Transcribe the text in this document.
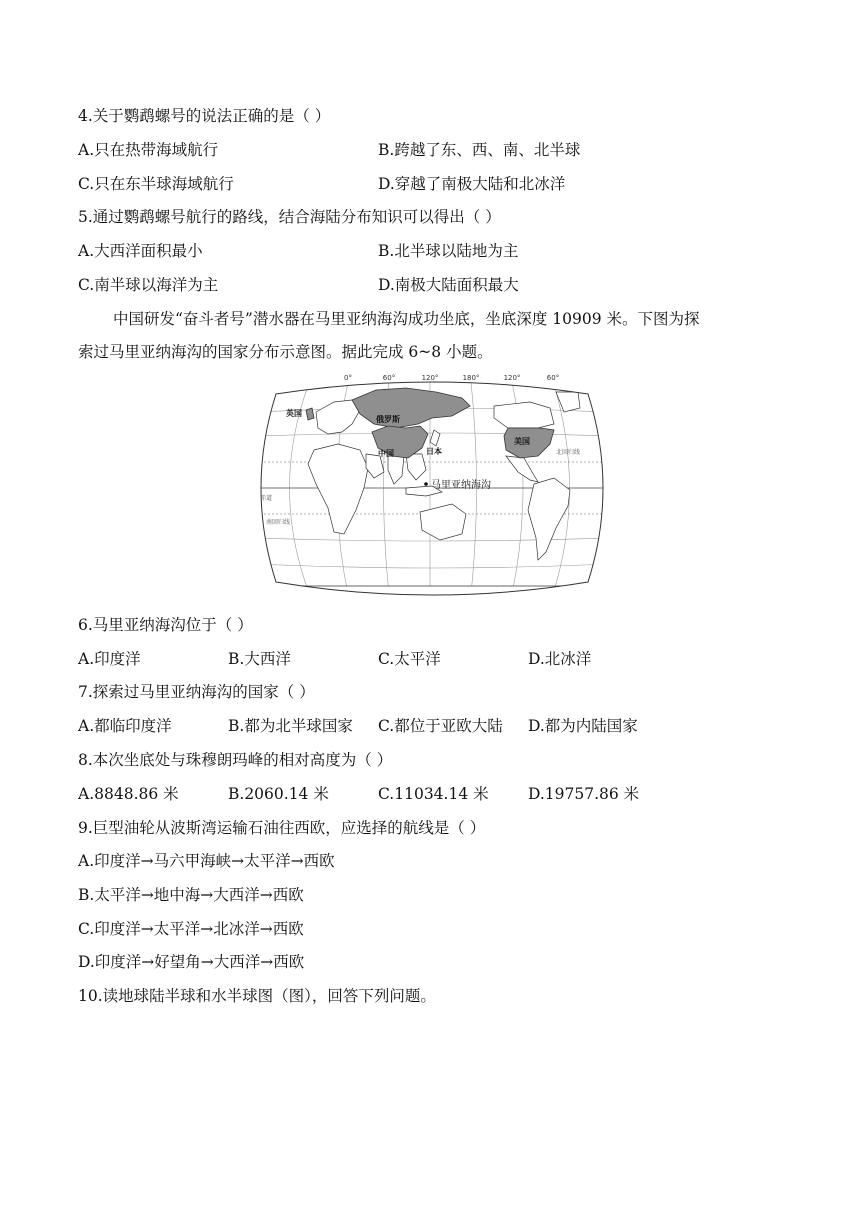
4.关于鹦鹉螺号的说法正确的是（ ）
A.只在热带海域航行	B.跨越了东、西、南、北半球
C.只在东半球海域航行	D.穿越了南极大陆和北冰洋
5.通过鹦鹉螺号航行的路线，结合海陆分布知识可以得出（ ）
A.大西洋面积最小	B.北半球以陆地为主
C.南半球以海洋为主	D.南极大陆面积最大
中国研发“奋斗者号”潜水器在马里亚纳海沟成功坐底，坐底深度 10909 米。下图为探
索过马里亚纳海沟的国家分布示意图。据此完成 6~8 小题。
0°	60°	120°	180°	120°	60°
英国
俄罗斯
中国	日本
美国
马里亚纳海沟
北回归线
赤道
南回归线
6.马里亚纳海沟位于（ ）
A.印度洋	B.大西洋	C.太平洋	D.北冰洋
7.探索过马里亚纳海沟的国家（ ）
A.都临印度洋	B.都为北半球国家 C.都位于亚欧大陆 D.都为内陆国家
8.本次坐底处与珠穆朗玛峰的相对高度为（ ）
A.8848.86 米	B.2060.14 米	C.11034.14 米	D.19757.86 米
9.巨型油轮从波斯湾运输石油往西欧，应选择的航线是（ ）
A.印度洋→马六甲海峡→太平洋→西欧
B.太平洋→地中海→大西洋→西欧
C.印度洋→太平洋→北冰洋→西欧
D.印度洋→好望角→大西洋→西欧
10.读地球陆半球和水半球图（图），回答下列问题。
